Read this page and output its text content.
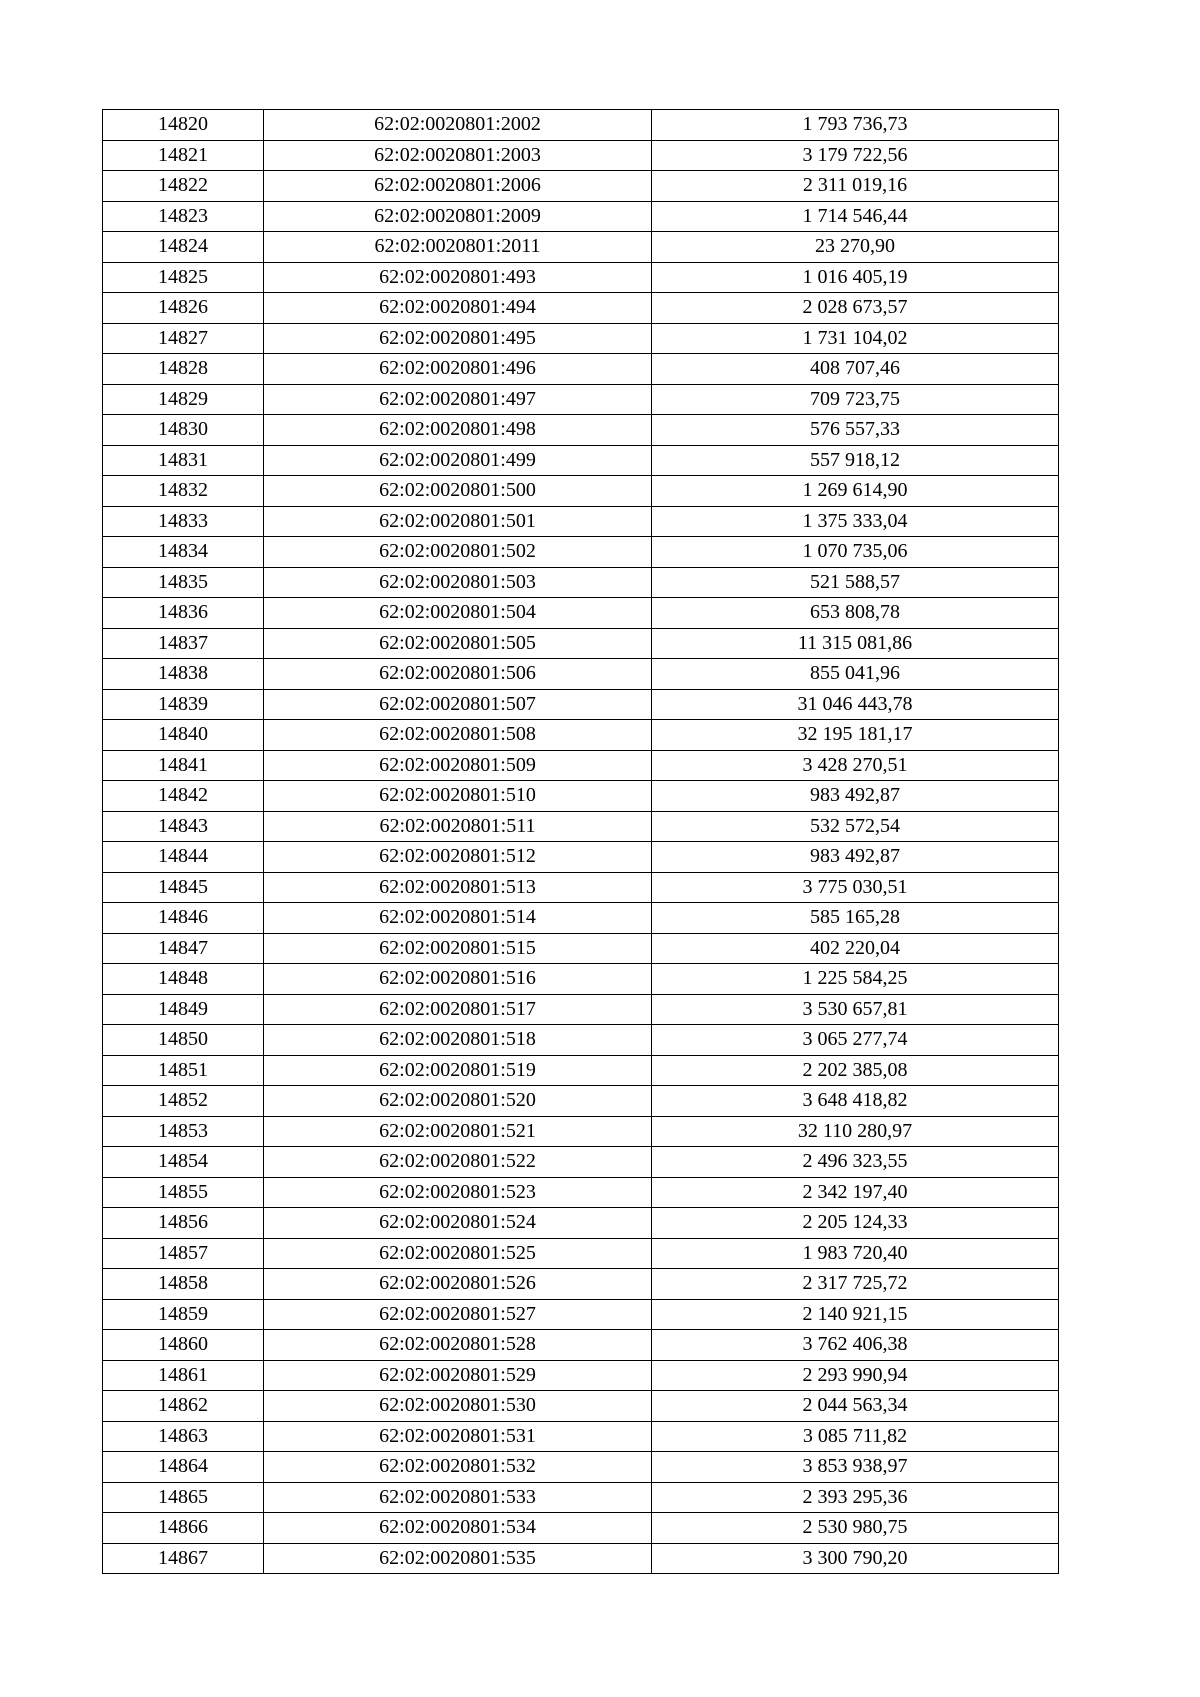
14820	62:02:0020801:2002	1 793 736,73
14821	62:02:0020801:2003	3 179 722,56
14822	62:02:0020801:2006	2 311 019,16
14823	62:02:0020801:2009	1 714 546,44
14824	62:02:0020801:2011	23 270,90
14825	62:02:0020801:493	1 016 405,19
14826	62:02:0020801:494	2 028 673,57
14827	62:02:0020801:495	1 731 104,02
14828	62:02:0020801:496	408 707,46
14829	62:02:0020801:497	709 723,75
14830	62:02:0020801:498	576 557,33
14831	62:02:0020801:499	557 918,12
14832	62:02:0020801:500	1 269 614,90
14833	62:02:0020801:501	1 375 333,04
14834	62:02:0020801:502	1 070 735,06
14835	62:02:0020801:503	521 588,57
14836	62:02:0020801:504	653 808,78
14837	62:02:0020801:505	11 315 081,86
14838	62:02:0020801:506	855 041,96
14839	62:02:0020801:507	31 046 443,78
14840	62:02:0020801:508	32 195 181,17
14841	62:02:0020801:509	3 428 270,51
14842	62:02:0020801:510	983 492,87
14843	62:02:0020801:511	532 572,54
14844	62:02:0020801:512	983 492,87
14845	62:02:0020801:513	3 775 030,51
14846	62:02:0020801:514	585 165,28
14847	62:02:0020801:515	402 220,04
14848	62:02:0020801:516	1 225 584,25
14849	62:02:0020801:517	3 530 657,81
14850	62:02:0020801:518	3 065 277,74
14851	62:02:0020801:519	2 202 385,08
14852	62:02:0020801:520	3 648 418,82
14853	62:02:0020801:521	32 110 280,97
14854	62:02:0020801:522	2 496 323,55
14855	62:02:0020801:523	2 342 197,40
14856	62:02:0020801:524	2 205 124,33
14857	62:02:0020801:525	1 983 720,40
14858	62:02:0020801:526	2 317 725,72
14859	62:02:0020801:527	2 140 921,15
14860	62:02:0020801:528	3 762 406,38
14861	62:02:0020801:529	2 293 990,94
14862	62:02:0020801:530	2 044 563,34
14863	62:02:0020801:531	3 085 711,82
14864	62:02:0020801:532	3 853 938,97
14865	62:02:0020801:533	2 393 295,36
14866	62:02:0020801:534	2 530 980,75
14867	62:02:0020801:535	3 300 790,20
